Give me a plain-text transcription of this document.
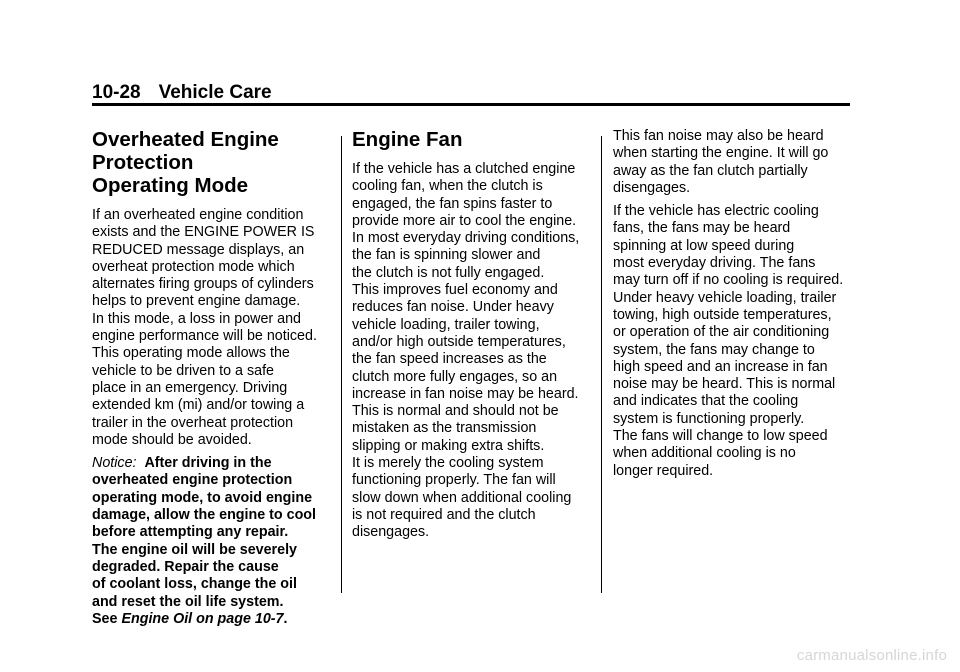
10-28 Vehicle Care
Overheated Engine
Protection
Operating Mode
If an overheated engine condition
exists and the ENGINE POWER IS
REDUCED message displays, an
overheat protection mode which
alternates firing groups of cylinders
helps to prevent engine damage.
In this mode, a loss in power and
engine performance will be noticed.
This operating mode allows the
vehicle to be driven to a safe
place in an emergency. Driving
extended km (mi) and/or towing a
trailer in the overheat protection
mode should be avoided.
Notice: After driving in the
overheated engine protection
operating mode, to avoid engine
damage, allow the engine to cool
before attempting any repair.
The engine oil will be severely
degraded. Repair the cause
of coolant loss, change the oil
and reset the oil life system.
See Engine Oil on page 10-7.
Engine Fan
If the vehicle has a clutched engine
cooling fan, when the clutch is
engaged, the fan spins faster to
provide more air to cool the engine.
In most everyday driving conditions,
the fan is spinning slower and
the clutch is not fully engaged.
This improves fuel economy and
reduces fan noise. Under heavy
vehicle loading, trailer towing,
and/or high outside temperatures,
the fan speed increases as the
clutch more fully engages, so an
increase in fan noise may be heard.
This is normal and should not be
mistaken as the transmission
slipping or making extra shifts.
It is merely the cooling system
functioning properly. The fan will
slow down when additional cooling
is not required and the clutch
disengages.
This fan noise may also be heard
when starting the engine. It will go
away as the fan clutch partially
disengages.
If the vehicle has electric cooling
fans, the fans may be heard
spinning at low speed during
most everyday driving. The fans
may turn off if no cooling is required.
Under heavy vehicle loading, trailer
towing, high outside temperatures,
or operation of the air conditioning
system, the fans may change to
high speed and an increase in fan
noise may be heard. This is normal
and indicates that the cooling
system is functioning properly.
The fans will change to low speed
when additional cooling is no
longer required.
carmanualsonline.info
